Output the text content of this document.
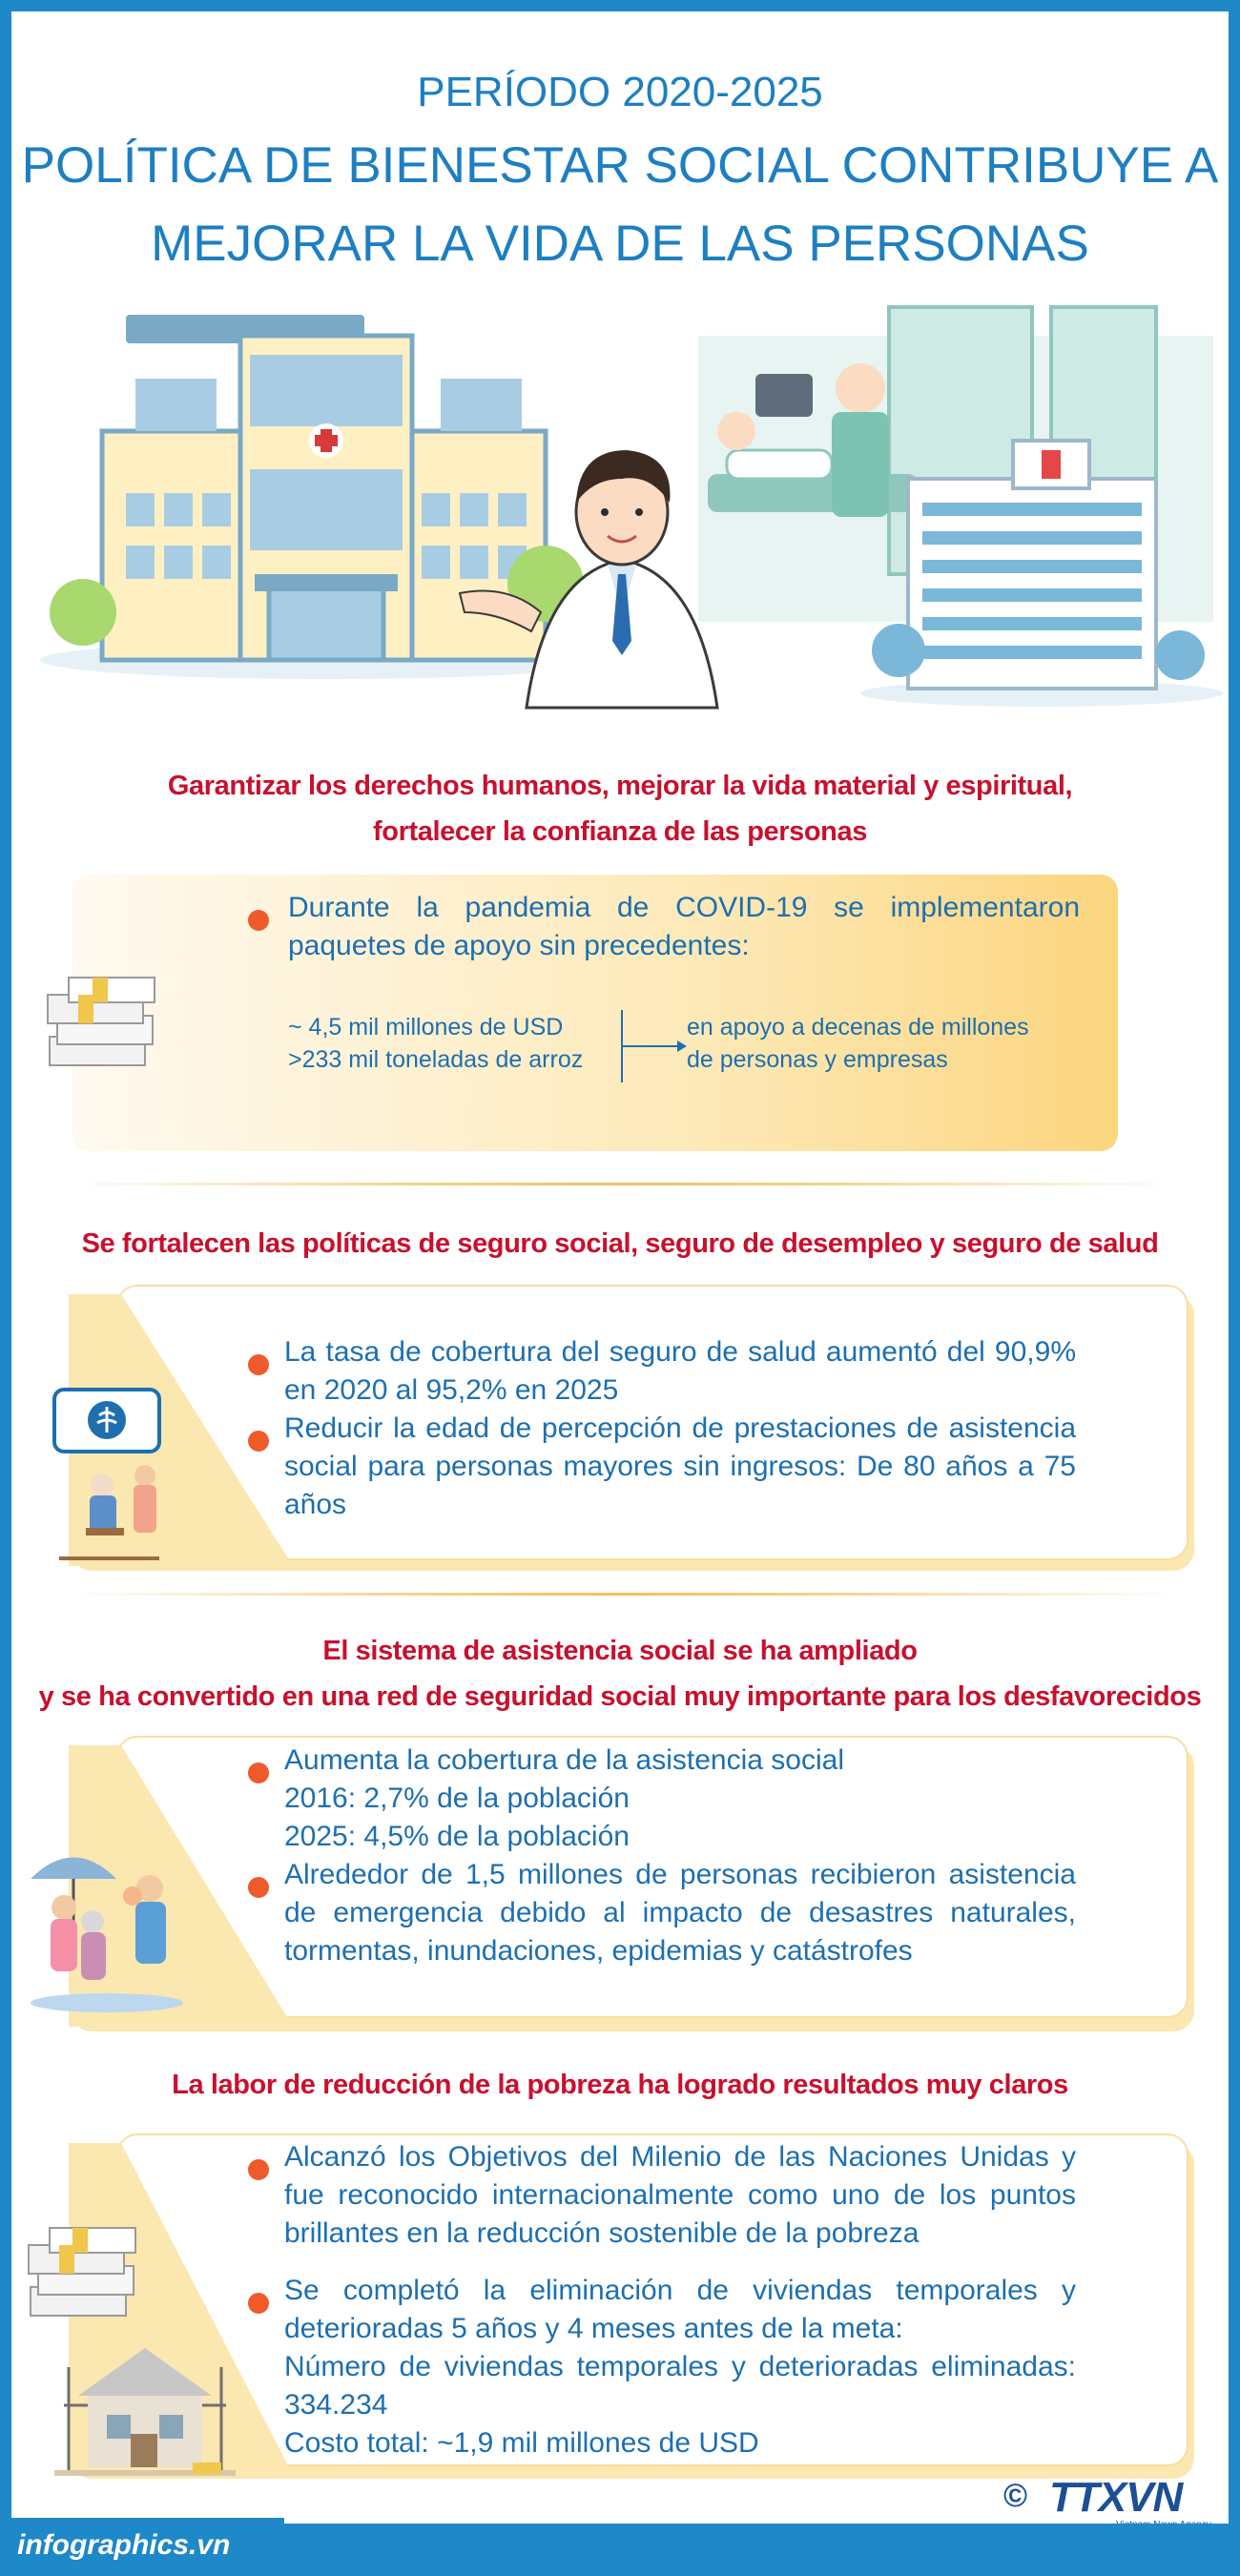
PERÍODO 2020-2025
POLÍTICA DE BIENESTAR SOCIAL CONTRIBUYE A
MEJORAR LA VIDA DE LAS PERSONAS
Garantizar los derechos humanos, mejorar la vida material y espiritual,
fortalecer la confianza de las personas
Durante la pandemia de COVID-19 se implementaron paquetes de apoyo sin precedentes:
~ 4,5 mil millones de USD
>233 mil toneladas de arroz
en apoyo a decenas de millones
de personas y empresas
Se fortalecen las políticas de seguro social, seguro de desempleo y seguro de salud
La tasa de cobertura del seguro de salud aumentó del 90,9% en 2020 al 95,2% en 2025
Reducir la edad de percepción de prestaciones de asistencia social para personas mayores sin ingresos: De 80 años a 75 años
El sistema de asistencia social se ha ampliado
y se ha convertido en una red de seguridad social muy importante para los desfavorecidos
Aumenta la cobertura de la asistencia social
2016: 2,7% de la población
2025: 4,5% de la población
Alrededor de 1,5 millones de personas recibieron asistencia de emergencia debido al impacto de desastres naturales, tormentas, inundaciones, epidemias y catástrofes
La labor de reducción de la pobreza ha logrado resultados muy claros
Alcanzó los Objetivos del Milenio de las Naciones Unidas y fue reconocido internacionalmente como uno de los puntos brillantes en la reducción sostenible de la pobreza
Se completó la eliminación de viviendas temporales y deterioradas 5 años y 4 meses antes de la meta:
Número de viviendas temporales y deterioradas eliminadas: 334.234
Costo total: ~1,9 mil millones de USD
© TTXVN
infographics.vn
